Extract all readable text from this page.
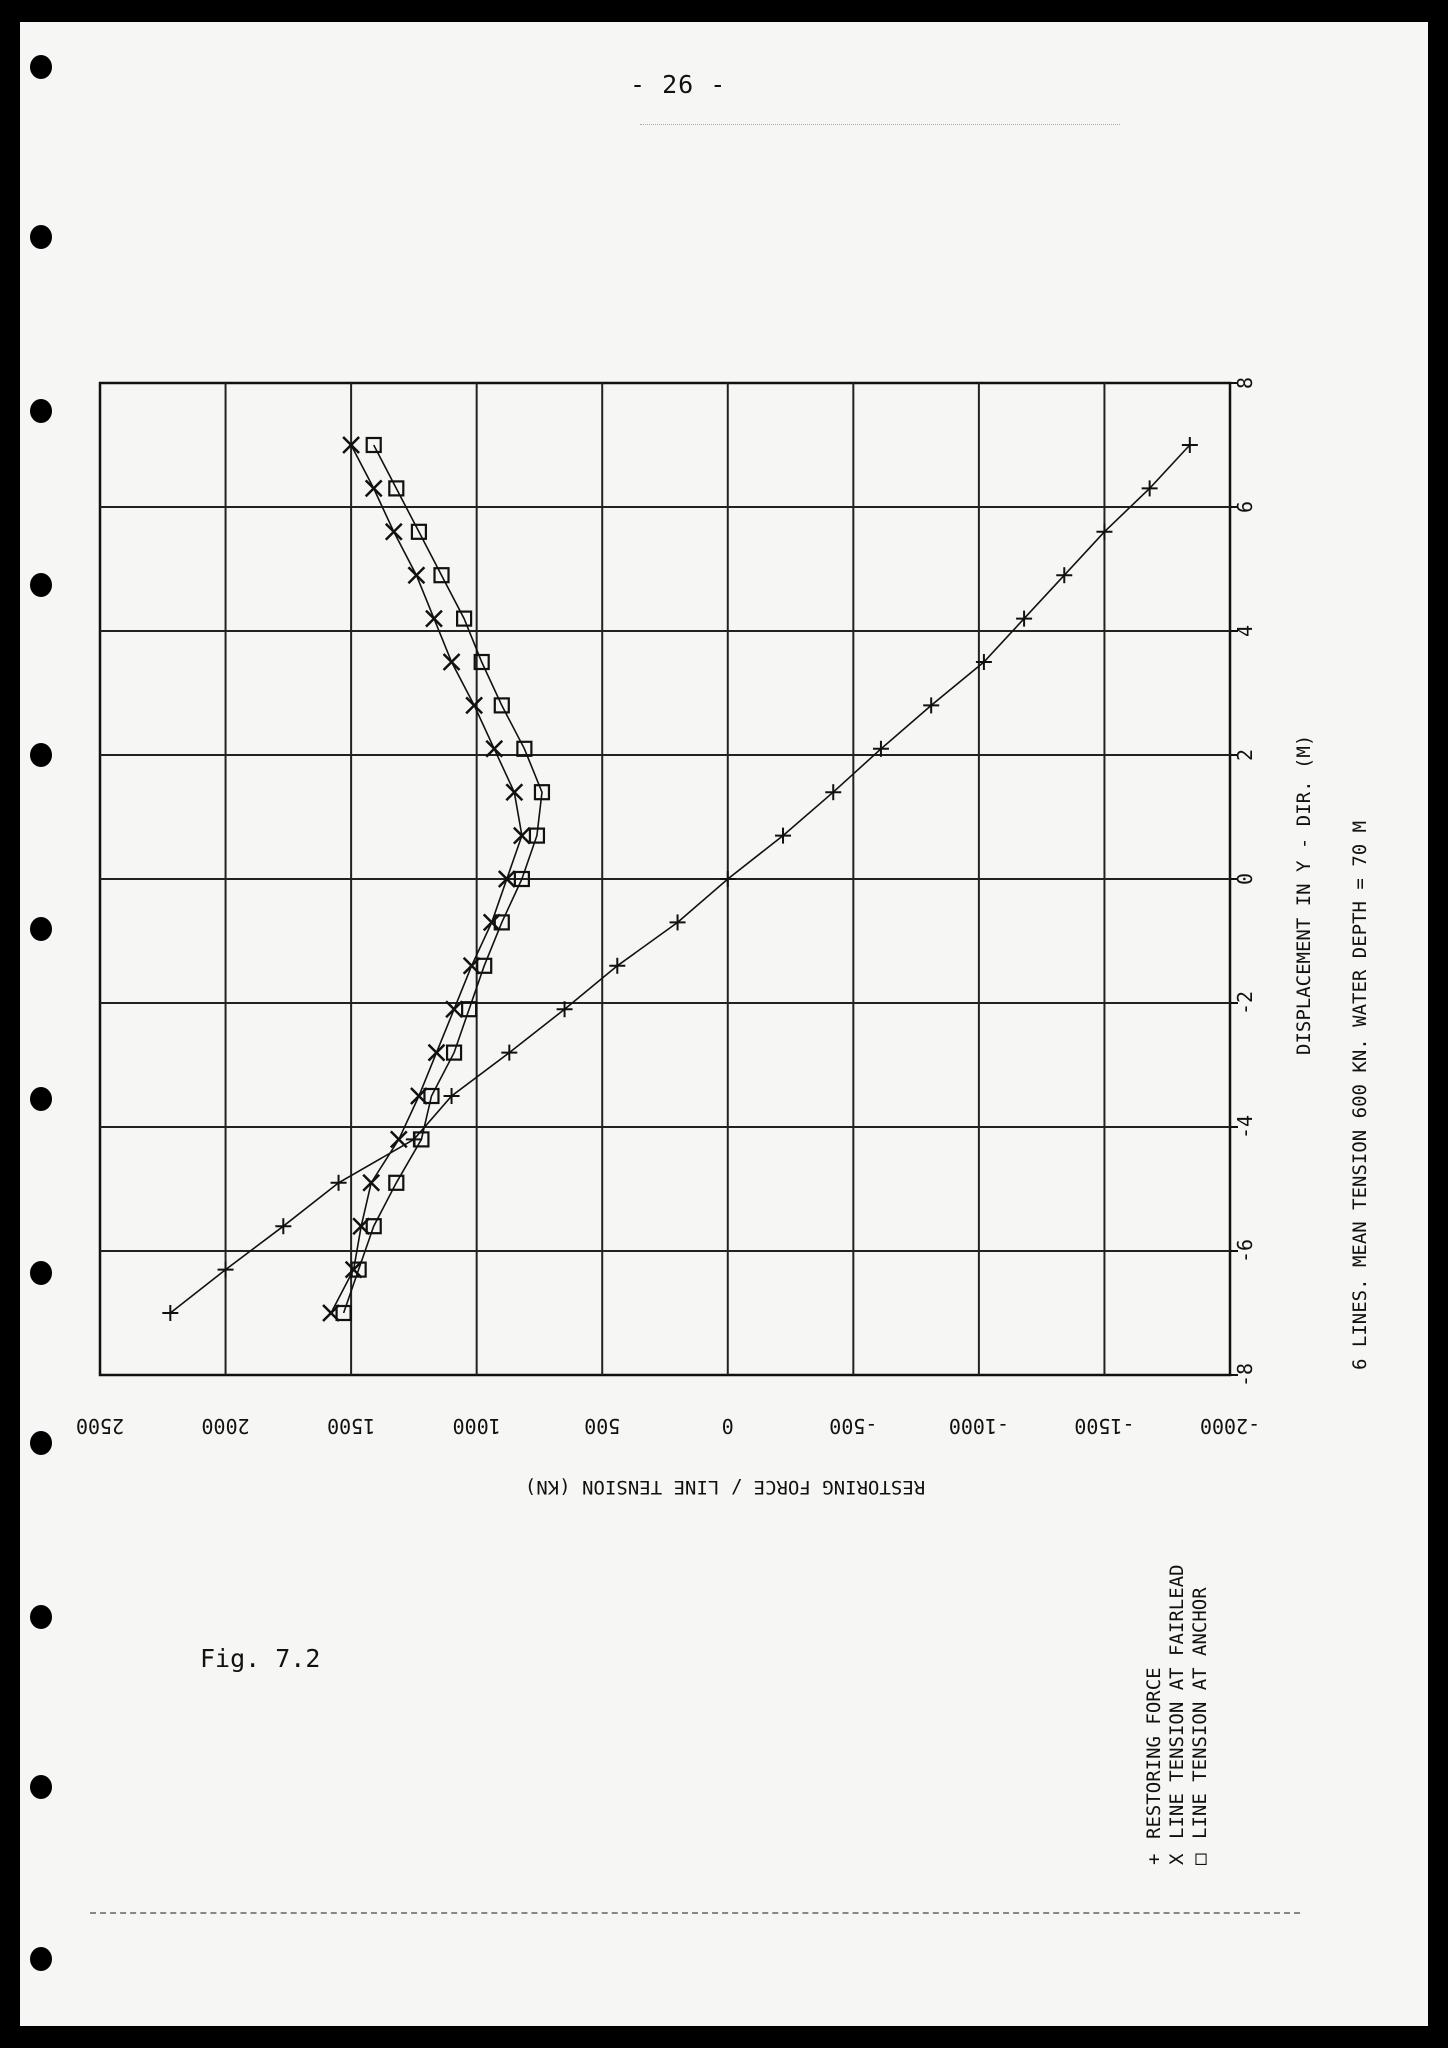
- 26 -
-2000
-1500
-1000
-500
0
500
1000
1500
2000
2500
-8
-6
-4
-2
0
2
4
6
8
DISPLACEMENT IN Y - DIR. (M) 6 LINES. MEAN TENSION 600 KN. WATER DEPTH = 70 M
RESTORING FORCE / LINE TENSION (KN)
+
RESTORING FORCE
X
LINE TENSION AT FAIRLEAD
□
LINE TENSION AT ANCHOR
Fig. 7.2
